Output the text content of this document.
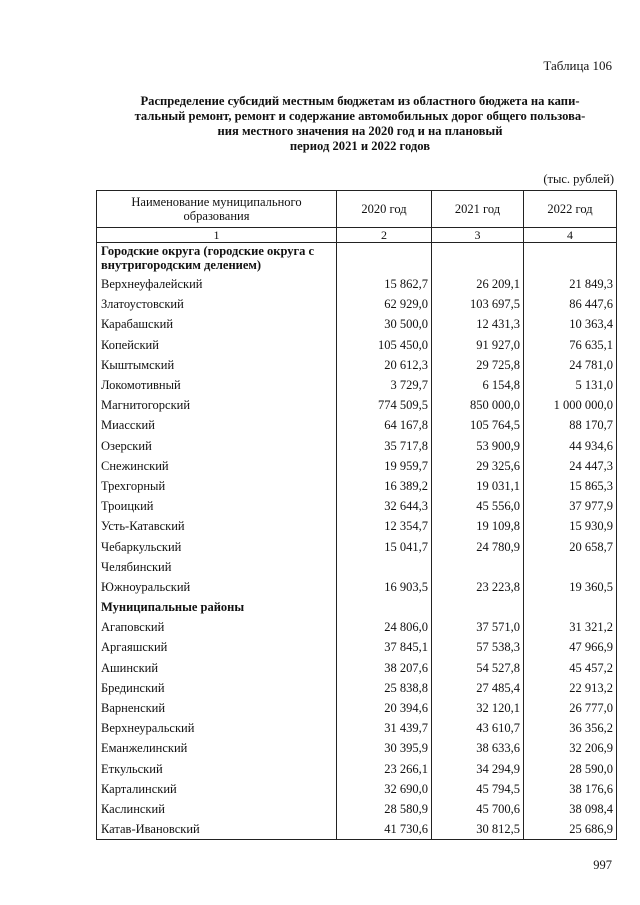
Таблица 106
Распределение субсидий местным бюджетам из областного бюджета на капи-
тальный ремонт, ремонт и содержание автомобильных дорог общего пользова-
ния местного значения на 2020 год и на плановый
период 2021 и 2022 годов
(тыс. рублей)
Наименование муниципального образования	2020 год	2021 год	2022 год
1	2	3	4
Городские округа (городские округа с внутригородским делением)			
Верхнеуфалейский	15 862,7	26 209,1	21 849,3
Златоустовский	62 929,0	103 697,5	86 447,6
Карабашский	30 500,0	12 431,3	10 363,4
Копейский	105 450,0	91 927,0	76 635,1
Кыштымский	20 612,3	29 725,8	24 781,0
Локомотивный	3 729,7	6 154,8	5 131,0
Магнитогорский	774 509,5	850 000,0	1 000 000,0
Миасский	64 167,8	105 764,5	88 170,7
Озерский	35 717,8	53 900,9	44 934,6
Снежинский	19 959,7	29 325,6	24 447,3
Трехгорный	16 389,2	19 031,1	15 865,3
Троицкий	32 644,3	45 556,0	37 977,9
Усть-Катавский	12 354,7	19 109,8	15 930,9
Чебаркульский	15 041,7	24 780,9	20 658,7
Челябинский			
Южноуральский	16 903,5	23 223,8	19 360,5
Муниципальные районы			
Агаповский	24 806,0	37 571,0	31 321,2
Аргаяшский	37 845,1	57 538,3	47 966,9
Ашинский	38 207,6	54 527,8	45 457,2
Брединский	25 838,8	27 485,4	22 913,2
Варненский	20 394,6	32 120,1	26 777,0
Верхнеуральский	31 439,7	43 610,7	36 356,2
Еманжелинский	30 395,9	38 633,6	32 206,9
Еткульский	23 266,1	34 294,9	28 590,0
Карталинский	32 690,0	45 794,5	38 176,6
Каслинский	28 580,9	45 700,6	38 098,4
Катав-Ивановский	41 730,6	30 812,5	25 686,9
997
